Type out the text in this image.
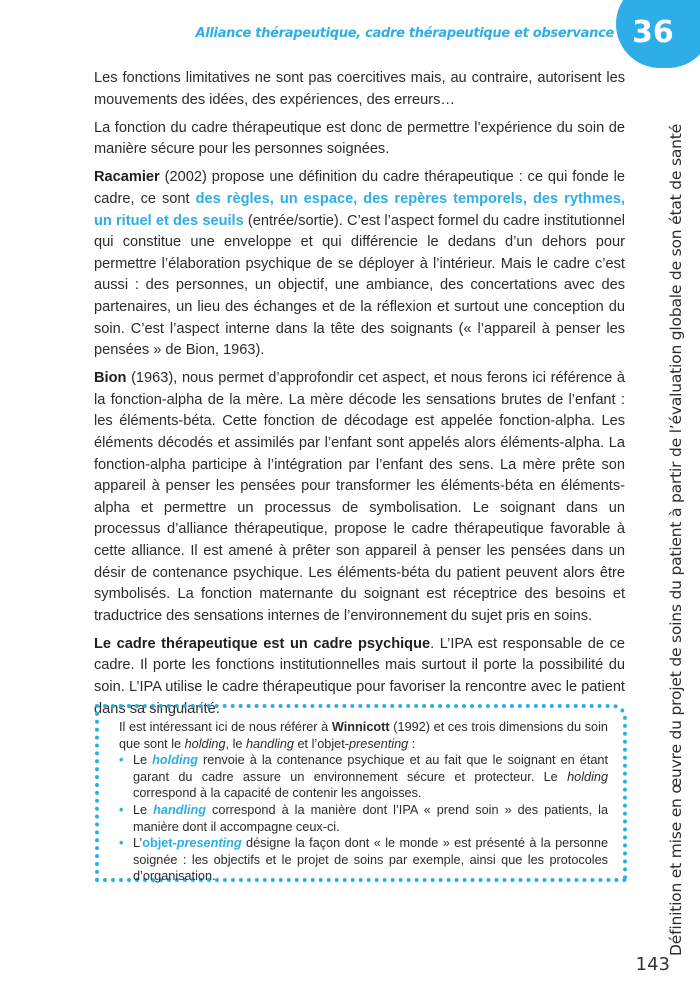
Alliance thérapeutique, cadre thérapeutique et observance 36
Définition et mise en œuvre du projet de soins du patient à partir de l’évaluation globale de son état de santé

Les fonctions limitatives ne sont pas coercitives mais, au contraire, autorisent les mouvements des idées, des expériences, des erreurs…

La fonction du cadre thérapeutique est donc de permettre l’expérience du soin de manière sécure pour les personnes soignées.

Racamier (2002) propose une définition du cadre thérapeutique : ce qui fonde le cadre, ce sont des règles, un espace, des repères temporels, des rythmes, un rituel et des seuils (entrée/sortie). C’est l’aspect formel du cadre institutionnel qui constitue une enveloppe et qui différencie le dedans d’un dehors pour permettre l’élaboration psychique de se déployer à l’intérieur. Mais le cadre c’est aussi : des personnes, un objectif, une ambiance, des concertations avec des partenaires, un lieu des échanges et de la réflexion et surtout une conception du soin. C’est l’aspect interne dans la tête des soignants (« l’appareil à penser les pensées » de Bion, 1963).

Bion (1963), nous permet d’approfondir cet aspect, et nous ferons ici référence à la fonction-alpha de la mère. La mère décode les sensations brutes de l’enfant : les éléments-béta. Cette fonction de décodage est appelée fonction-alpha. Les éléments décodés et assimilés par l’enfant sont appelés alors éléments-alpha. La fonction-alpha participe à l’intégration par l’enfant des sens. La mère prête son appareil à penser les pensées pour transformer les éléments-béta en éléments-alpha et permettre un processus de symbolisation. Le soignant dans un processus d’alliance thérapeutique, propose le cadre thérapeutique favorable à cette alliance. Il est amené à prêter son appareil à penser les pensées dans un désir de contenance psychique. Les éléments-béta du patient peuvent alors être symbolisés. La fonction maternante du soignant est réceptrice des besoins et traductrice des sensations internes de l’environnement du sujet pris en soins.

Le cadre thérapeutique est un cadre psychique. L’IPA est responsable de ce cadre. Il porte les fonctions institutionnelles mais surtout il porte la possibilité du soin. L’IPA utilise le cadre thérapeutique pour favoriser la rencontre avec le patient dans sa singularité.

Il est intéressant ici de nous référer à Winnicott (1992) et ces trois dimensions du soin que sont le holding, le handling et l’objet-presenting :

• Le holding renvoie à la contenance psychique et au fait que le soignant en étant garant du cadre assure un environnement sécure et protecteur. Le holding correspond à la capacité de contenir les angoisses.
• Le handling correspond à la manière dont l’IPA « prend soin » des patients, la manière dont il accompagne ceux-ci.
• L’objet-presenting désigne la façon dont « le monde » est présenté à la personne soignée : les objectifs et le projet de soins par exemple, ainsi que les protocoles d’organisation.
143
